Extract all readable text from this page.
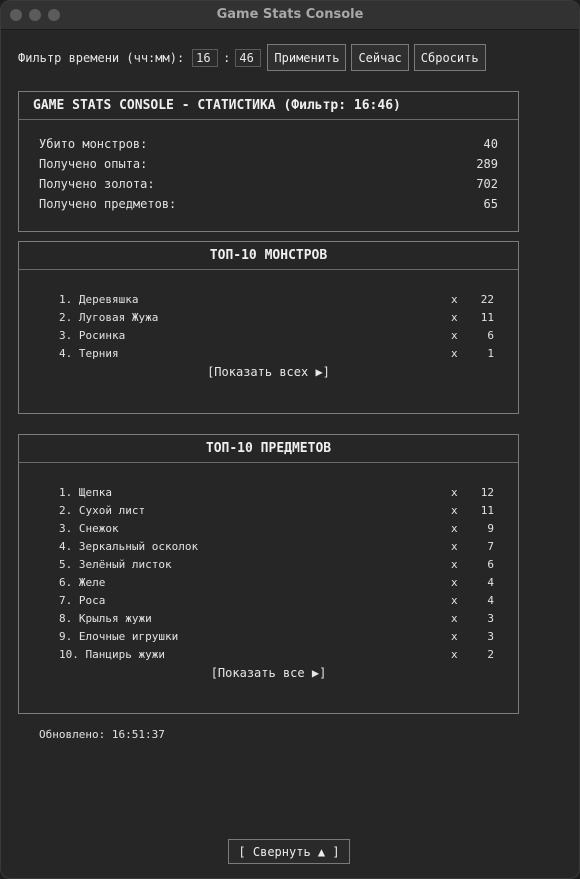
Game Stats Console
Фильтр времени (чч:мм):
16	:
46	Применить	Сейчас	Сбросить
GAME STATS CONSOLE - СТАТИСТИКА (Фильтр: 16:46)
Убито монстров:	40
Получено опыта:	289
Получено золота:	702
Получено предметов:	65
ТОП-10 МОНСТРОВ
1. Деревяшка	x 22
2. Луговая Жужа	x 11
3. Росинка	x	6
4. Терния	x	1
[Показать всех ▶]
ТОП-10 ПРЕДМЕТОВ
1. Щепка	x 12
2. Сухой лист	x 11
3. Снежок	x	9
4. Зеркальный осколок	x	7
5. Зелёный листок	x	6
6. Желе	x	4
7. Роса	x	4
8. Крылья жужи	x	3
9. Елочные игрушки	x	3
10. Панцирь жужи	x	2
[Показать все ▶]
Обновлено: 16:51:37
[ Свернуть ▲ ]
